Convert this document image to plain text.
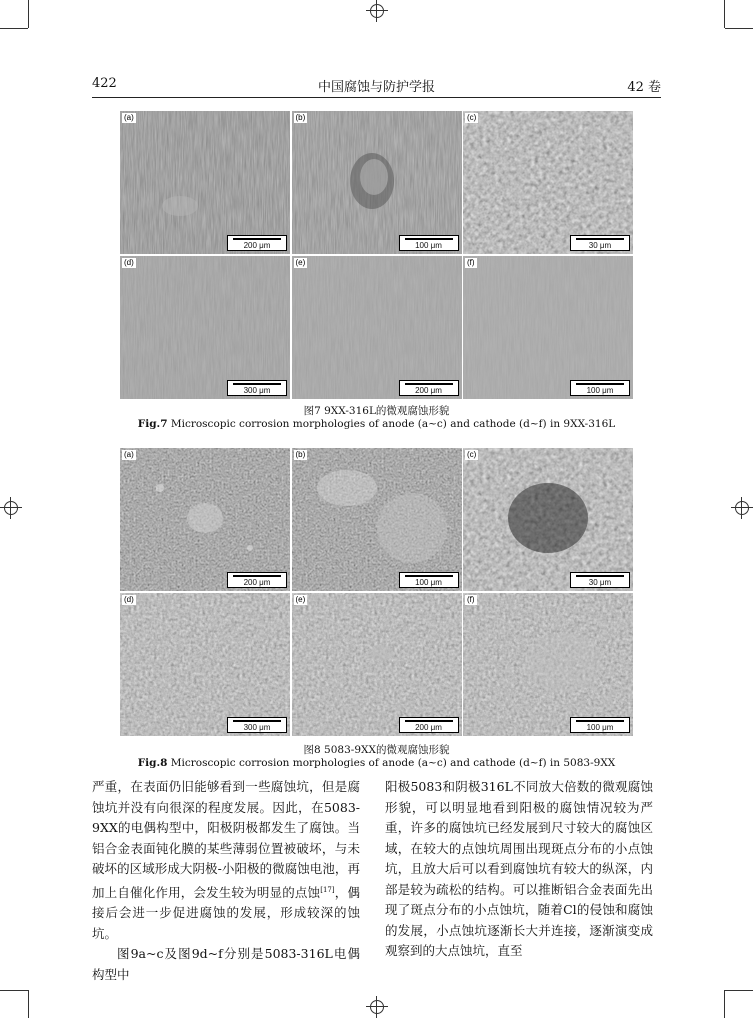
422	中国腐蚀与防护学报	42 卷
(a)
200 μm
(b)
100 μm
(c)
30 μm
(d)
300 μm
(e)
200 μm
(f)
100 μm
图7 9XX-316L的微观腐蚀形貌
Fig.7 Microscopic corrosion morphologies of anode (a~c) and cathode (d~f) in 9XX-316L
(a)
200 μm
(b)
100 μm
(c)
30 μm
(d)
300 μm
(e)
200 μm
(f)
100 μm
图8 5083-9XX的微观腐蚀形貌
Fig.8 Microscopic corrosion morphologies of anode (a~c) and cathode (d~f) in 5083-9XX

严重，在表面仍旧能够看到一些腐蚀坑，但是腐蚀坑并没有向很深的程度发展。因此，在5083-9XX的电偶构型中，阳极阴极都发生了腐蚀。当铝合金表面钝化膜的某些薄弱位置被破坏，与未破坏的区域形成大阴极-小阳极的微腐蚀电池，再加上自催化作用，会发生较为明显的点蚀[17]，偶接后会进一步促进腐蚀的发展，形成较深的蚀坑。

图9a~c及图9d~f分别是5083-316L电偶构型中

阳极5083和阴极316L不同放大倍数的微观腐蚀形貌，可以明显地看到阳极的腐蚀情况较为严重，许多的腐蚀坑已经发展到尺寸较大的腐蚀区域，在较大的点蚀坑周围出现斑点分布的小点蚀坑，且放大后可以看到腐蚀坑有较大的纵深，内部是较为疏松的结构。可以推断铝合金表面先出现了斑点分布的小点蚀坑，随着Cl的侵蚀和腐蚀的发展，小点蚀坑逐渐长大并连接，逐渐演变成观察到的大点蚀坑，直至
